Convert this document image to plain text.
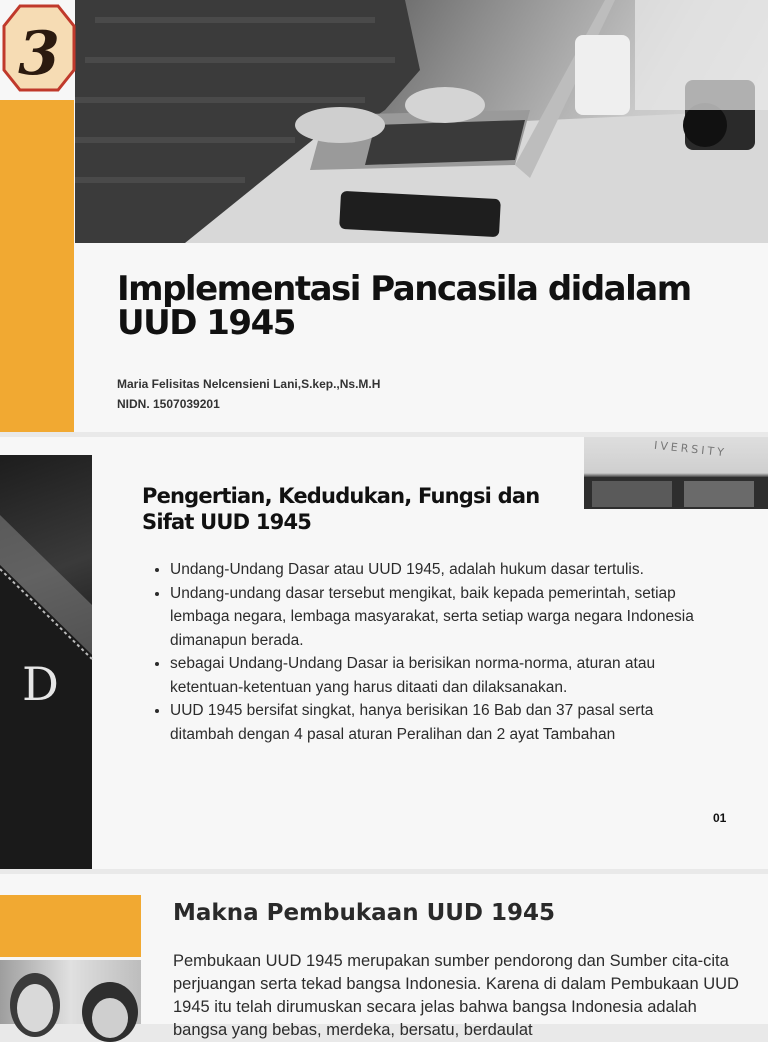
3
Implementasi Pancasila didalam UUD 1945
Maria Felisitas Nelcensieni Lani,S.kep.,Ns.M.H
NIDN. 1507039201
D
IVERSITY
Pengertian, Kedudukan, Fungsi dan Sifat UUD 1945
• Undang-Undang Dasar atau UUD 1945, adalah hukum dasar tertulis.
• Undang-undang dasar tersebut mengikat, baik kepada pemerintah, setiap lembaga negara, lembaga masyarakat, serta setiap warga negara Indonesia dimanapun berada.
• sebagai Undang-Undang Dasar ia berisikan norma-norma, aturan atau ketentuan-ketentuan yang harus ditaati dan dilaksanakan.
• UUD 1945 bersifat singkat, hanya berisikan 16 Bab dan 37 pasal serta ditambah dengan 4 pasal aturan Peralihan dan 2 ayat Tambahan
01
Makna Pembukaan UUD 1945

Pembukaan UUD 1945 merupakan sumber pendorong dan Sumber cita-cita perjuangan serta tekad bangsa Indonesia. Karena di dalam Pembukaan UUD 1945 itu telah dirumuskan secara jelas bahwa bangsa Indonesia adalah bangsa yang bebas, merdeka, bersatu, berdaulat
